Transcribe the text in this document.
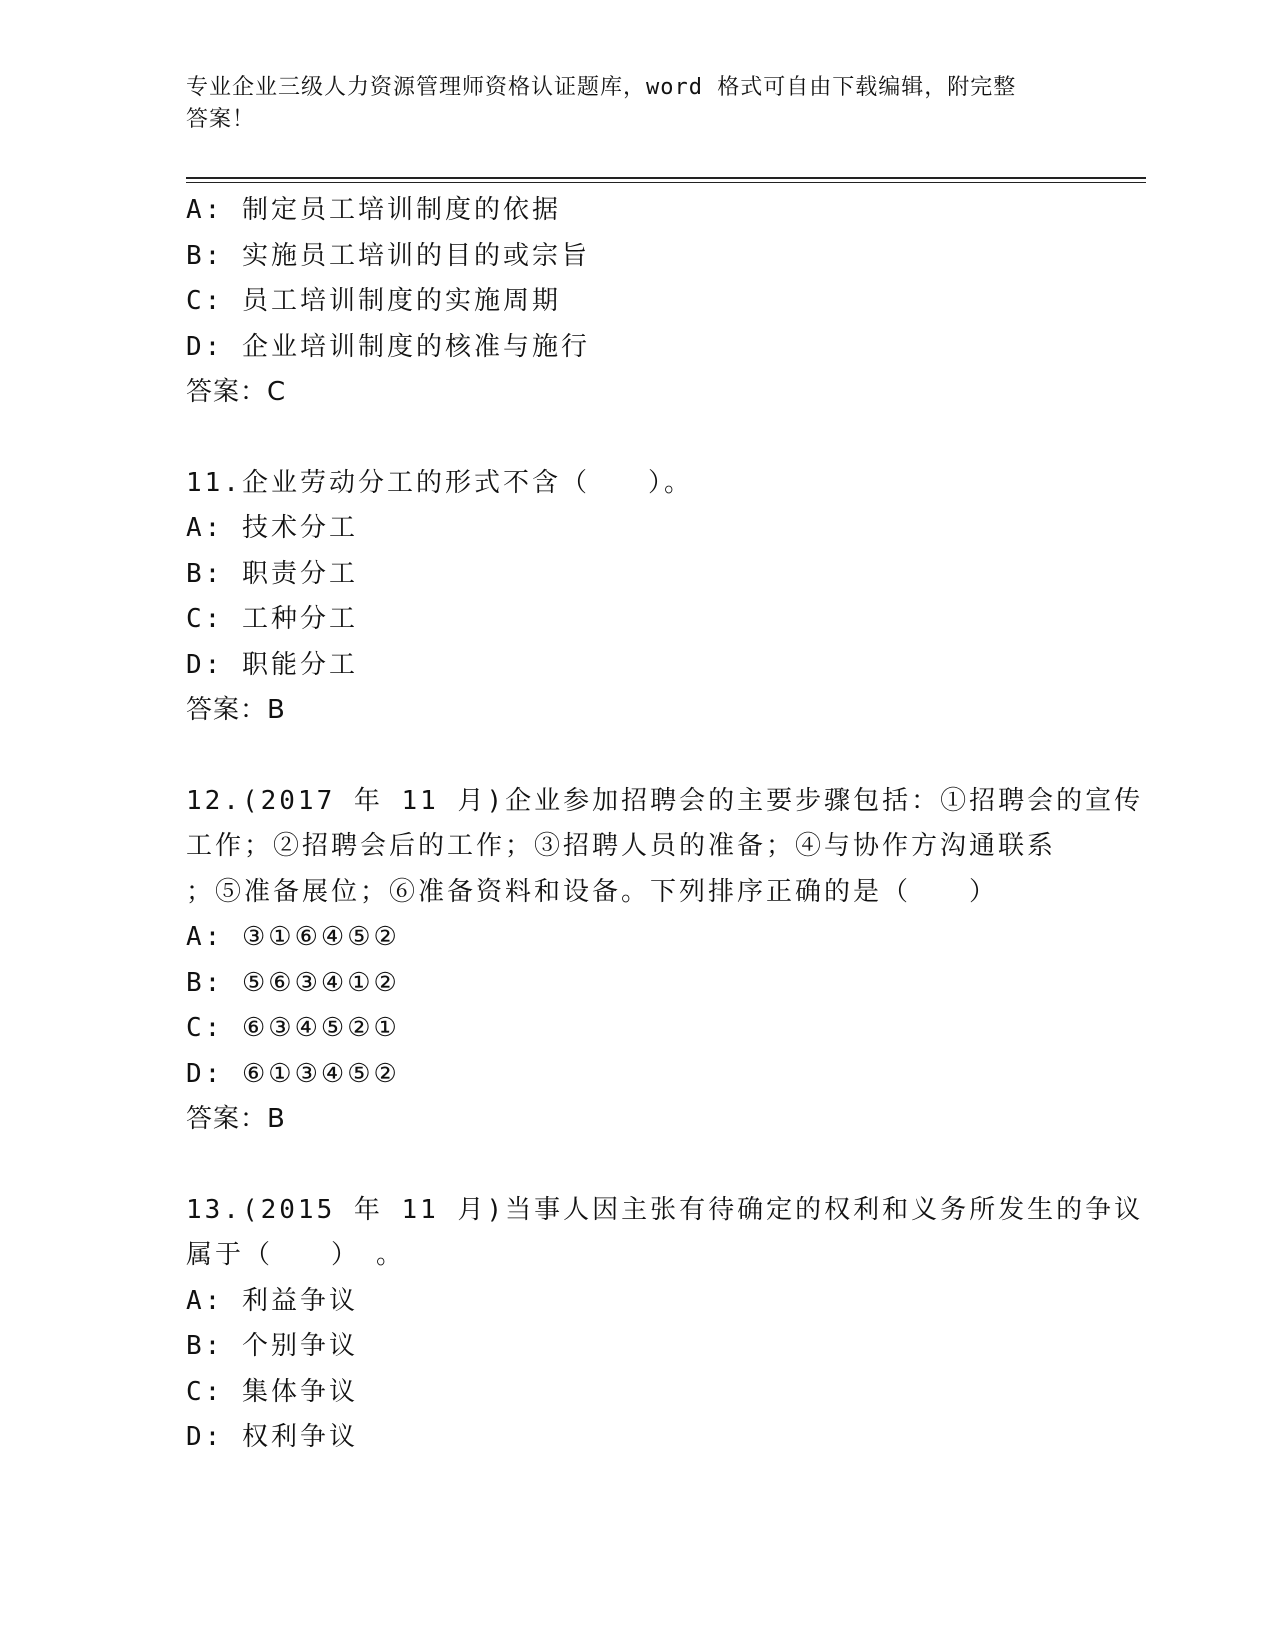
专业企业三级人力资源管理师资格认证题库，word 格式可自由下载编辑，附完整
答案！
A: 制定员工培训制度的依据
B: 实施员工培训的目的或宗旨
C: 员工培训制度的实施周期
D: 企业培训制度的核准与施行
答案：C
11.企业劳动分工的形式不含（　　）。
A: 技术分工
B: 职责分工
C: 工种分工
D: 职能分工
答案：B
12.(2017 年 11 月)企业参加招聘会的主要步骤包括：①招聘会的宣传
工作；②招聘会后的工作；③招聘人员的准备；④与协作方沟通联系
；⑤准备展位；⑥准备资料和设备。下列排序正确的是（　　）
A: ③①⑥④⑤②
B: ⑤⑥③④①②
C: ⑥③④⑤②①
D: ⑥①③④⑤②
答案：B
13.(2015 年 11 月)当事人因主张有待确定的权利和义务所发生的争议
属于（　　）　。
A: 利益争议
B: 个别争议
C: 集体争议
D: 权利争议
